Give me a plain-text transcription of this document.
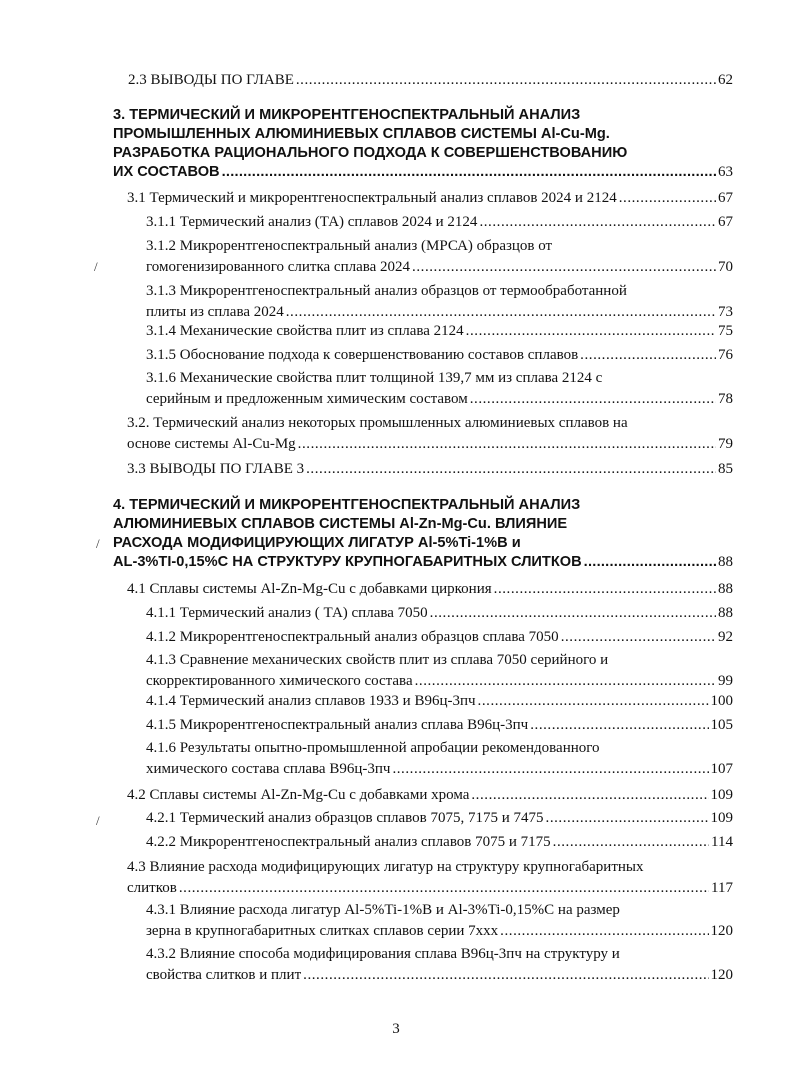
2.3 ВЫВОДЫ ПО ГЛАВЕ . . .	62
3. ТЕРМИЧЕСКИЙ И МИКРОРЕНТГЕНОСПЕКТРАЛЬНЫЙ АНАЛИЗ
ПРОМЫШЛЕННЫХ АЛЮМИНИЕВЫХ СПЛАВОВ СИСТЕМЫ Al-Cu-Mg.
РАЗРАБОТКА РАЦИОНАЛЬНОГО ПОДХОДА К СОВЕРШЕНСТВОВАНИЮ
ИХ СОСТАВОВ . . .	63
3.1 Термический и микрорентгеноспектральный анализ сплавов 2024 и 2124 . . .	67
3.1.1 Термический анализ (ТА) сплавов 2024 и 2124 . . .	67
3.1.2 Микрорентгеноспектральный анализ (МРСА) образцов от
гомогенизированного слитка сплава 2024 . . .	70
3.1.3 Микрорентгеноспектральный анализ образцов от термообработанной
плиты из сплава 2024 . . .	73
3.1.4 Механические свойства плит из сплава 2124 . . .	75
3.1.5 Обоснование подхода к совершенствованию составов сплавов . . .	76
3.1.6 Механические свойства плит толщиной 139,7 мм из сплава 2124 с
серийным и предложенным химическим составом . . .	78
3.2. Термический анализ некоторых промышленных алюминиевых сплавов на
основе системы Al-Cu-Mg . . .	79
3.3 ВЫВОДЫ ПО ГЛАВЕ 3 . . .	85
4. ТЕРМИЧЕСКИЙ И МИКРОРЕНТГЕНОСПЕКТРАЛЬНЫЙ АНАЛИЗ
АЛЮМИНИЕВЫХ СПЛАВОВ СИСТЕМЫ Al-Zn-Mg-Cu. ВЛИЯНИЕ
РАСХОДА МОДИФИЦИРУЮЩИХ ЛИГАТУР Al-5%Ti-1%B и
AL-3%TI-0,15%C НА СТРУКТУРУ КРУПНОГАБАРИТНЫХ СЛИТКОВ . . .	88
4.1 Сплавы системы Al-Zn-Mg-Cu с добавками циркония . . .	88
4.1.1 Термический анализ ( ТА) сплава 7050 . . .	88
4.1.2 Микрорентгеноспектральный анализ образцов сплава 7050 . . .	92
4.1.3 Сравнение механических свойств плит из сплава 7050 серийного и
скорректированного химического состава . . .	99
4.1.4 Термический анализ сплавов 1933 и В96ц-3пч . . .	100
4.1.5 Микрорентгеноспектральный анализ сплава В96ц-3пч . . .	105
4.1.6 Результаты опытно-промышленной апробации рекомендованного
химического состава сплава В96ц-3пч . . .	107
4.2 Сплавы системы Al-Zn-Mg-Cu с добавками хрома . . .	109
4.2.1 Термический анализ образцов сплавов 7075, 7175 и 7475 . . .	109
4.2.2 Микрорентгеноспектральный анализ сплавов 7075 и 7175 . . .	114
4.3 Влияние расхода модифицирующих лигатур на структуру крупногабаритных
слитков . . .	117
4.3.1 Влияние расхода лигатур Al-5%Ti-1%B и Al-3%Ti-0,15%C на размер
зерна в крупногабаритных слитках сплавов серии 7ххх . . .	120
4.3.2 Влияние способа модифицирования сплава В96ц-3пч на структуру и
свойства слитков и плит . . .	120
/
/
/
3
